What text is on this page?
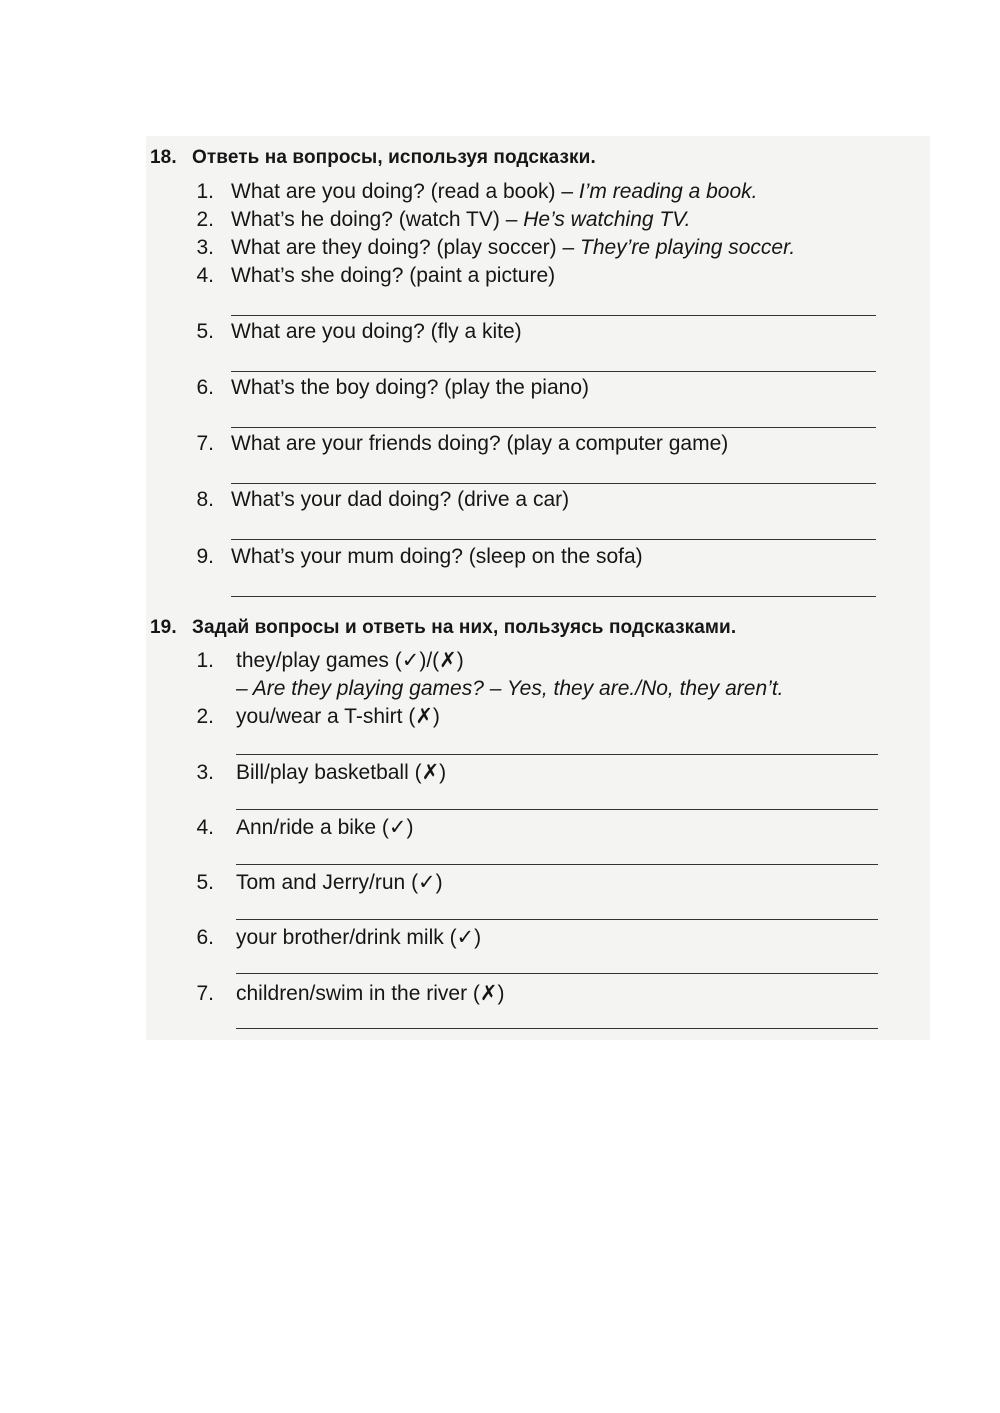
18. Ответь на вопросы, используя подсказки.
1. What are you doing? (read a book) – I’m reading a book.
2. What’s he doing? (watch TV) – He’s watching TV.
3. What are they doing? (play soccer) – They’re playing soccer.
4. What’s she doing? (paint a picture)
5. What are you doing? (fly a kite)
6. What’s the boy doing? (play the piano)
7. What are your friends doing? (play a computer game)
8. What’s your dad doing? (drive a car)
9. What’s your mum doing? (sleep on the sofa)
19. Задай вопросы и ответь на них, пользуясь подсказками.
1. they/play games (✓)/(✗)
– Are they playing games? – Yes, they are./No, they aren’t.
2. you/wear a T-shirt (✗)
3. Bill/play basketball (✗)
4. Ann/ride a bike (✓)
5. Tom and Jerry/run (✓)
6. your brother/drink milk (✓)
7. children/swim in the river (✗)
